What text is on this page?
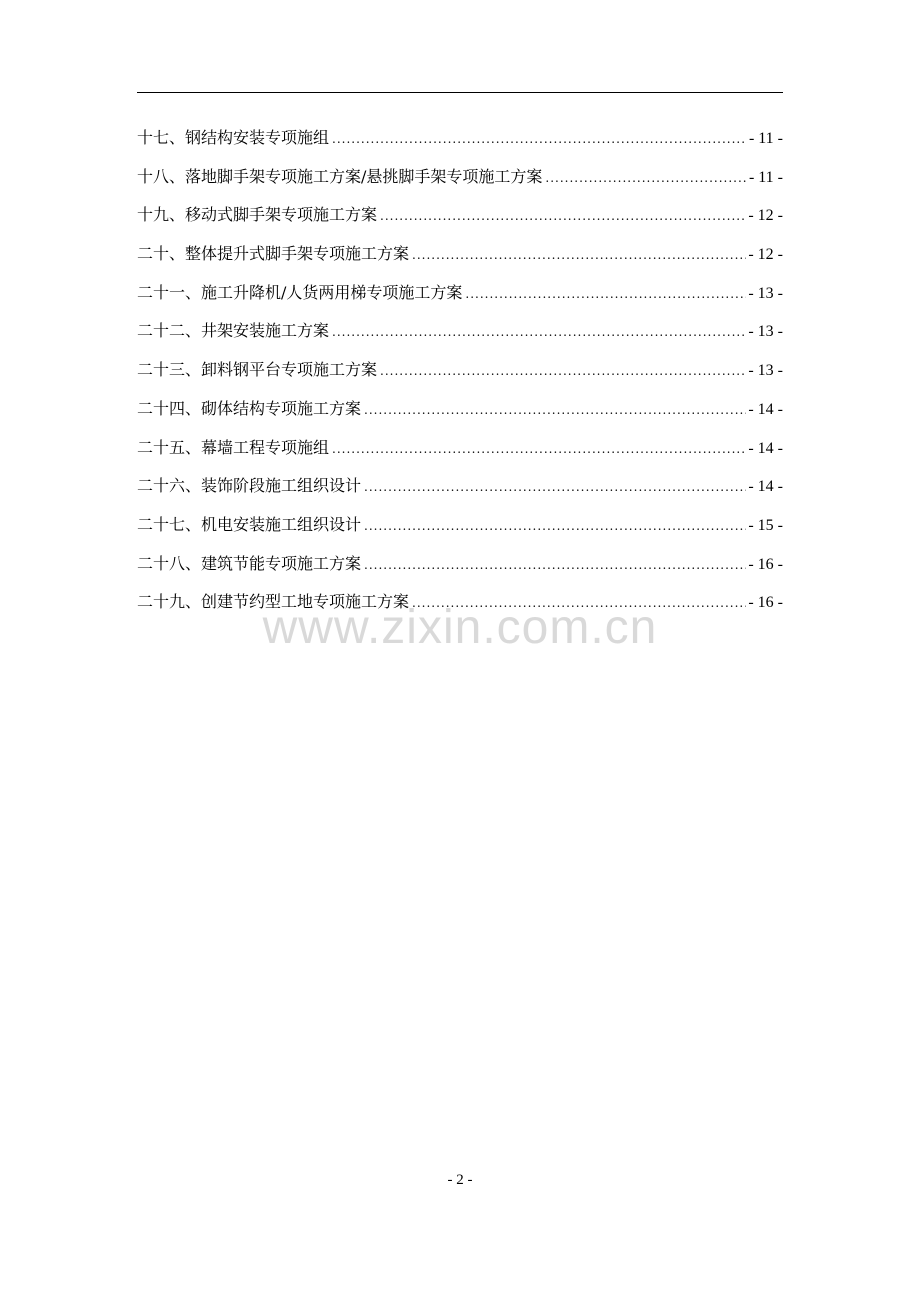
十七、钢结构安装专项施组 .....	- 11 -
十八、落地脚手架专项施工方案/悬挑脚手架专项施工方案 .....	- 11 -
十九、移动式脚手架专项施工方案 .....	- 12 -
二十、整体提升式脚手架专项施工方案 .....	- 12 -
二十一、施工升降机/人货两用梯专项施工方案 .....	- 13 -
二十二、井架安装施工方案 .....	- 13 -
二十三、卸料钢平台专项施工方案 .....	- 13 -
二十四、砌体结构专项施工方案 .....	- 14 -
二十五、幕墙工程专项施组 .....	- 14 -
二十六、装饰阶段施工组织设计 .....	- 14 -
二十七、机电安装施工组织设计 .....	- 15 -
二十八、建筑节能专项施工方案 .....	- 16 -
二十九、创建节约型工地专项施工方案 .....	- 16 -
www.zixin.com.cn
- 2 -
